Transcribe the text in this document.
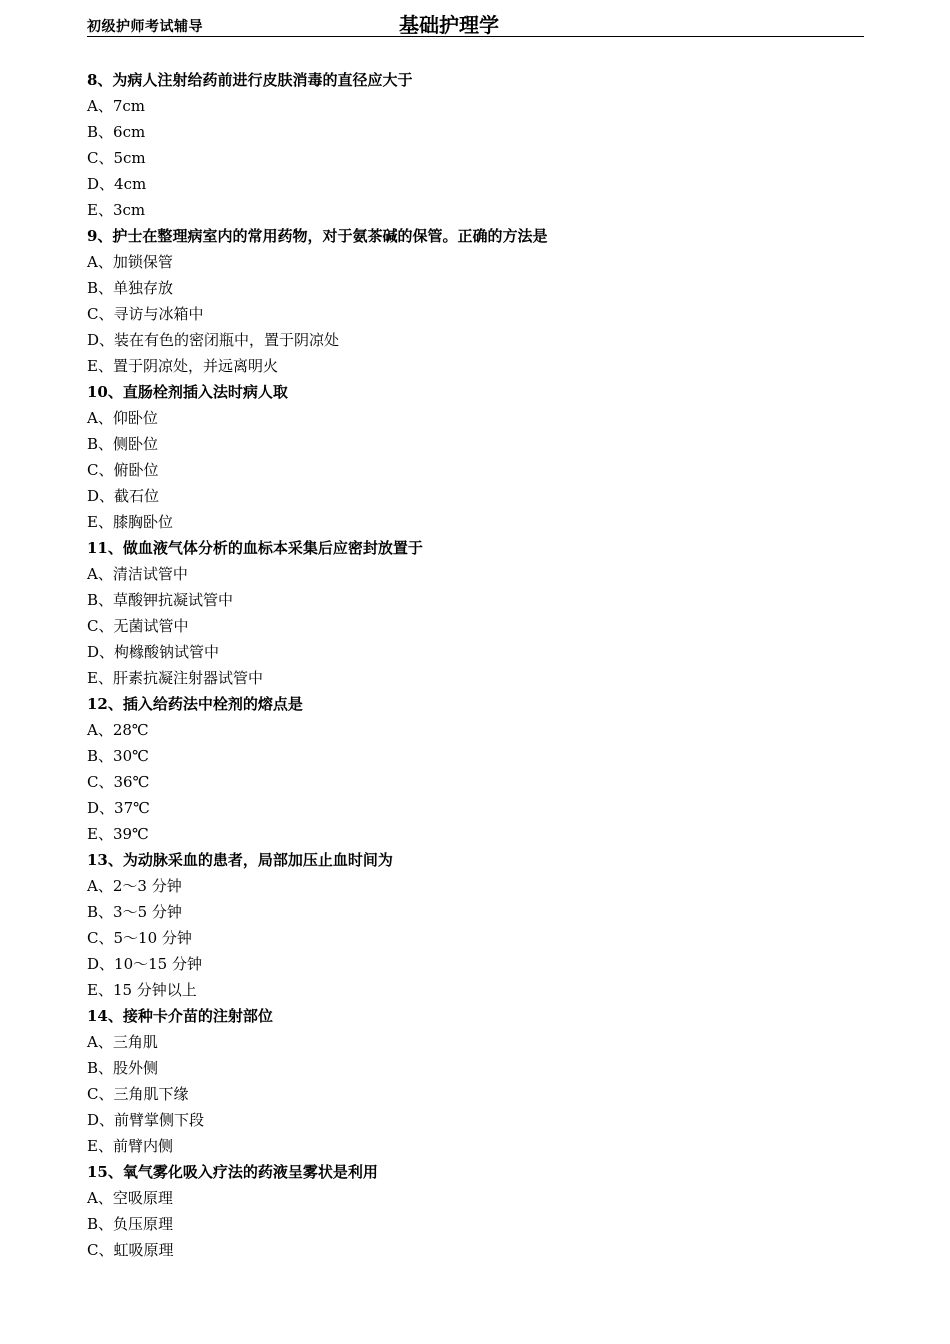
初级护师考试辅导	基础护理学
8、为病人注射给药前进行皮肤消毒的直径应大于
A、7cm
B、6cm
C、5cm
D、4cm
E、3cm
9、护士在整理病室内的常用药物，对于氨茶碱的保管。正确的方法是
A、加锁保管
B、单独存放
C、寻访与冰箱中
D、装在有色的密闭瓶中，置于阴凉处
E、置于阴凉处，并远离明火
10、直肠栓剂插入法时病人取
A、仰卧位
B、侧卧位
C、俯卧位
D、截石位
E、膝胸卧位
11、做血液气体分析的血标本采集后应密封放置于
A、清洁试管中
B、草酸钾抗凝试管中
C、无菌试管中
D、枸橼酸钠试管中
E、肝素抗凝注射器试管中
12、插入给药法中栓剂的熔点是
A、28℃
B、30℃
C、36℃
D、37℃
E、39℃
13、为动脉采血的患者，局部加压止血时间为
A、2～3 分钟
B、3～5 分钟
C、5～10 分钟
D、10～15 分钟
E、15 分钟以上
14、接种卡介苗的注射部位
A、三角肌
B、股外侧
C、三角肌下缘
D、前臂掌侧下段
E、前臂内侧
15、氧气雾化吸入疗法的药液呈雾状是利用
A、空吸原理
B、负压原理
C、虹吸原理
